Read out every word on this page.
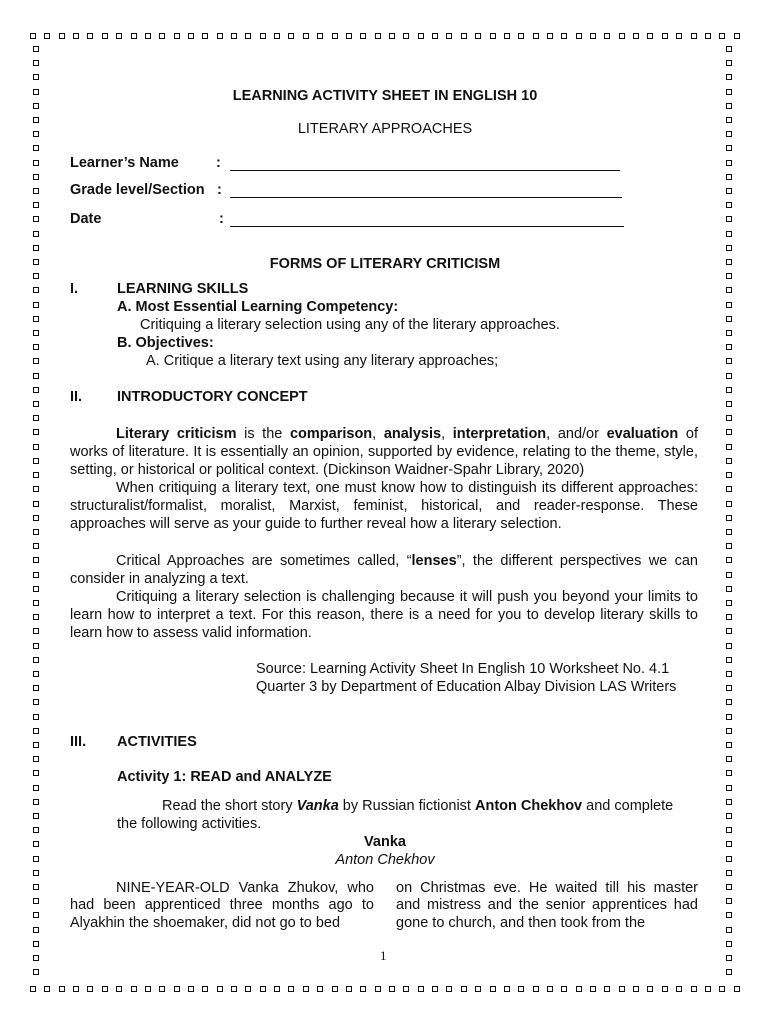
LEARNING ACTIVITY SHEET IN ENGLISH 10
LITERARY APPROACHES
Learner’s Name	:
Grade level/Section :
Date	:
FORMS OF LITERARY CRITICISM
I.	LEARNING SKILLS
A. Most Essential Learning Competency:
Critiquing a literary selection using any of the literary approaches.
B. Objectives:
A. Critique a literary text using any literary approaches;
II. INTRODUCTORY CONCEPT
Literary criticism is the comparison, analysis, interpretation, and/or evaluation of works of literature. It is essentially an opinion, supported by evidence, relating to the theme, style, setting, or historical or political context. (Dickinson Waidner-Spahr Library, 2020)
When critiquing a literary text, one must know how to distinguish its different approaches: structuralist/formalist, moralist, Marxist, feminist, historical, and reader-response. These approaches will serve as your guide to further reveal how a literary selection.
Critical Approaches are sometimes called, “lenses”, the different perspectives we can consider in analyzing a text.
Critiquing a literary selection is challenging because it will push you beyond your limits to learn how to interpret a text. For this reason, there is a need for you to develop literary skills to learn how to assess valid information.
Source: Learning Activity Sheet In English 10 Worksheet No. 4.1
Quarter 3 by Department of Education Albay Division LAS Writers
III. ACTIVITIES
Activity 1: READ and ANALYZE
Read the short story Vanka by Russian fictionist Anton Chekhov and complete
the following activities.
Vanka
Anton Chekhov
NINE-YEAR-OLD Vanka Zhukov, who had been apprenticed three months ago to Alyakhin the shoemaker, did not go to bed
on Christmas eve. He waited till his master and mistress and the senior apprentices had gone to church, and then took from the
1
